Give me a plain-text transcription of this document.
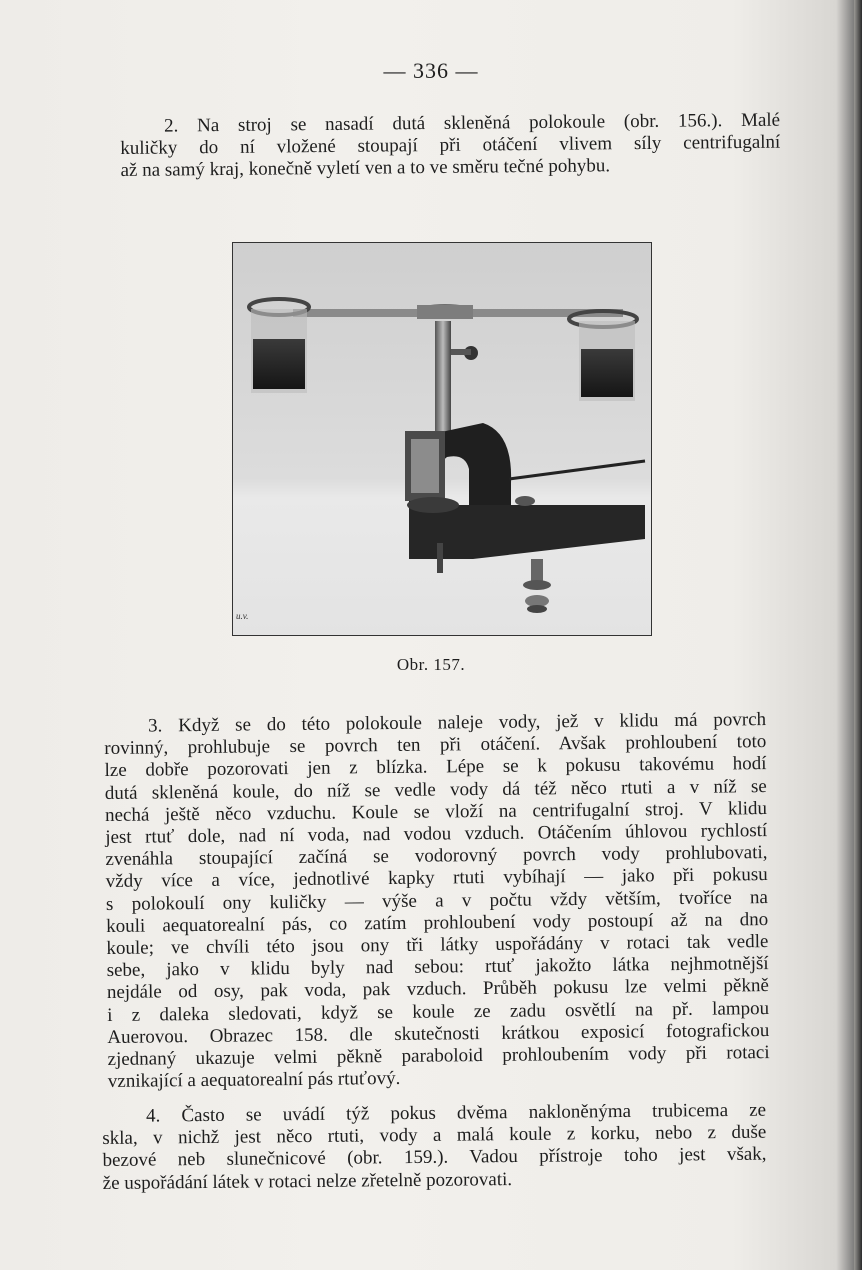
— 336 —

2. Na stroj se nasadí dutá skleněná polokoule (obr. 156.). Malé
kuličky do ní vložené stoupají při otáčení vlivem síly centrifugalní
až na samý kraj, konečně vyletí ven a to ve směru tečné pohybu.

u.v.
Obr. 157.

3. Když se do této polokoule naleje vody, jež v klidu má povrch
rovinný, prohlubuje se povrch ten při otáčení. Avšak prohloubení toto
lze dobře pozorovati jen z blízka. Lépe se k pokusu takovému hodí
dutá skleněná koule, do níž se vedle vody dá též něco rtuti a v níž se
nechá ještě něco vzduchu. Koule se vloží na centrifugalní stroj. V klidu
jest rtuť dole, nad ní voda, nad vodou vzduch. Otáčením úhlovou rychlostí
zvenáhla stoupající začíná se vodorovný povrch vody prohlubovati,
vždy více a více, jednotlivé kapky rtuti vybíhají — jako při pokusu
s polokoulí ony kuličky — výše a v počtu vždy větším, tvoříce na
kouli aequatorealní pás, co zatím prohloubení vody postoupí až na dno
koule; ve chvíli této jsou ony tři látky uspořádány v rotaci tak vedle
sebe, jako v klidu byly nad sebou: rtuť jakožto látka nejhmotnější
nejdále od osy, pak voda, pak vzduch. Průběh pokusu lze velmi pěkně
i z daleka sledovati, když se koule ze zadu osvětlí na př. lampou
Auerovou. Obrazec 158. dle skutečnosti krátkou exposicí fotografickou
zjednaný ukazuje velmi pěkně paraboloid prohloubením vody při rotaci
vznikající a aequatorealní pás rtuťový.

4. Často se uvádí týž pokus dvěma nakloněnýma trubicema ze
skla, v nichž jest něco rtuti, vody a malá koule z korku, nebo z duše
bezové neb slunečnicové (obr. 159.). Vadou přístroje toho jest však,
že uspořádání látek v rotaci nelze zřetelně pozorovati.
